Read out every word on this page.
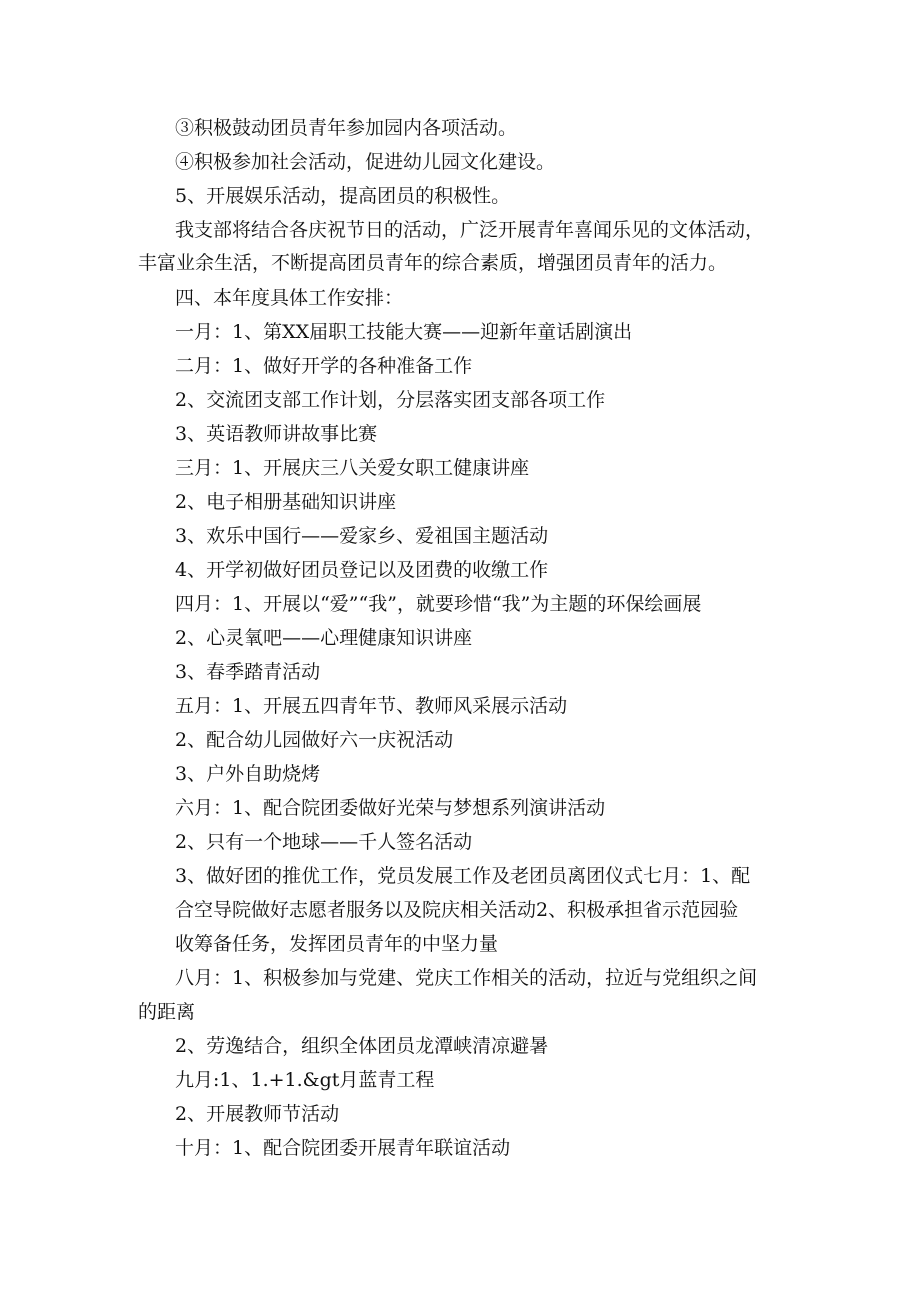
③积极鼓动团员青年参加园内各项活动。
④积极参加社会活动，促进幼儿园文化建设。
5、开展娱乐活动，提高团员的积极性。
我支部将结合各庆祝节日的活动，广泛开展青年喜闻乐见的文体活动，
丰富业余生活，不断提高团员青年的综合素质，增强团员青年的活力。
四、本年度具体工作安排：
一月：1、第XX届职工技能大赛——迎新年童话剧演出
二月：1、做好开学的各种准备工作
2、交流团支部工作计划，分层落实团支部各项工作
3、英语教师讲故事比赛
三月：1、开展庆三八关爱女职工健康讲座
2、电子相册基础知识讲座
3、欢乐中国行——爱家乡、爱祖国主题活动
4、开学初做好团员登记以及团费的收缴工作
四月：1、开展以“爱”“我”，就要珍惜“我”为主题的环保绘画展
2、心灵氧吧——心理健康知识讲座
3、春季踏青活动
五月：1、开展五四青年节、教师风采展示活动
2、配合幼儿园做好六一庆祝活动
3、户外自助烧烤
六月：1、配合院团委做好光荣与梦想系列演讲活动
2、只有一个地球——千人签名活动
3、做好团的推优工作，党员发展工作及老团员离团仪式七月：1、配
合空导院做好志愿者服务以及院庆相关活动2、积极承担省示范园验
收筹备任务，发挥团员青年的中坚力量
八月：1、积极参加与党建、党庆工作相关的活动，拉近与党组织之间
的距离
2、劳逸结合，组织全体团员龙潭峡清凉避暑
九月:1、1.+1.&gt月蓝青工程
2、开展教师节活动
十月：1、配合院团委开展青年联谊活动
